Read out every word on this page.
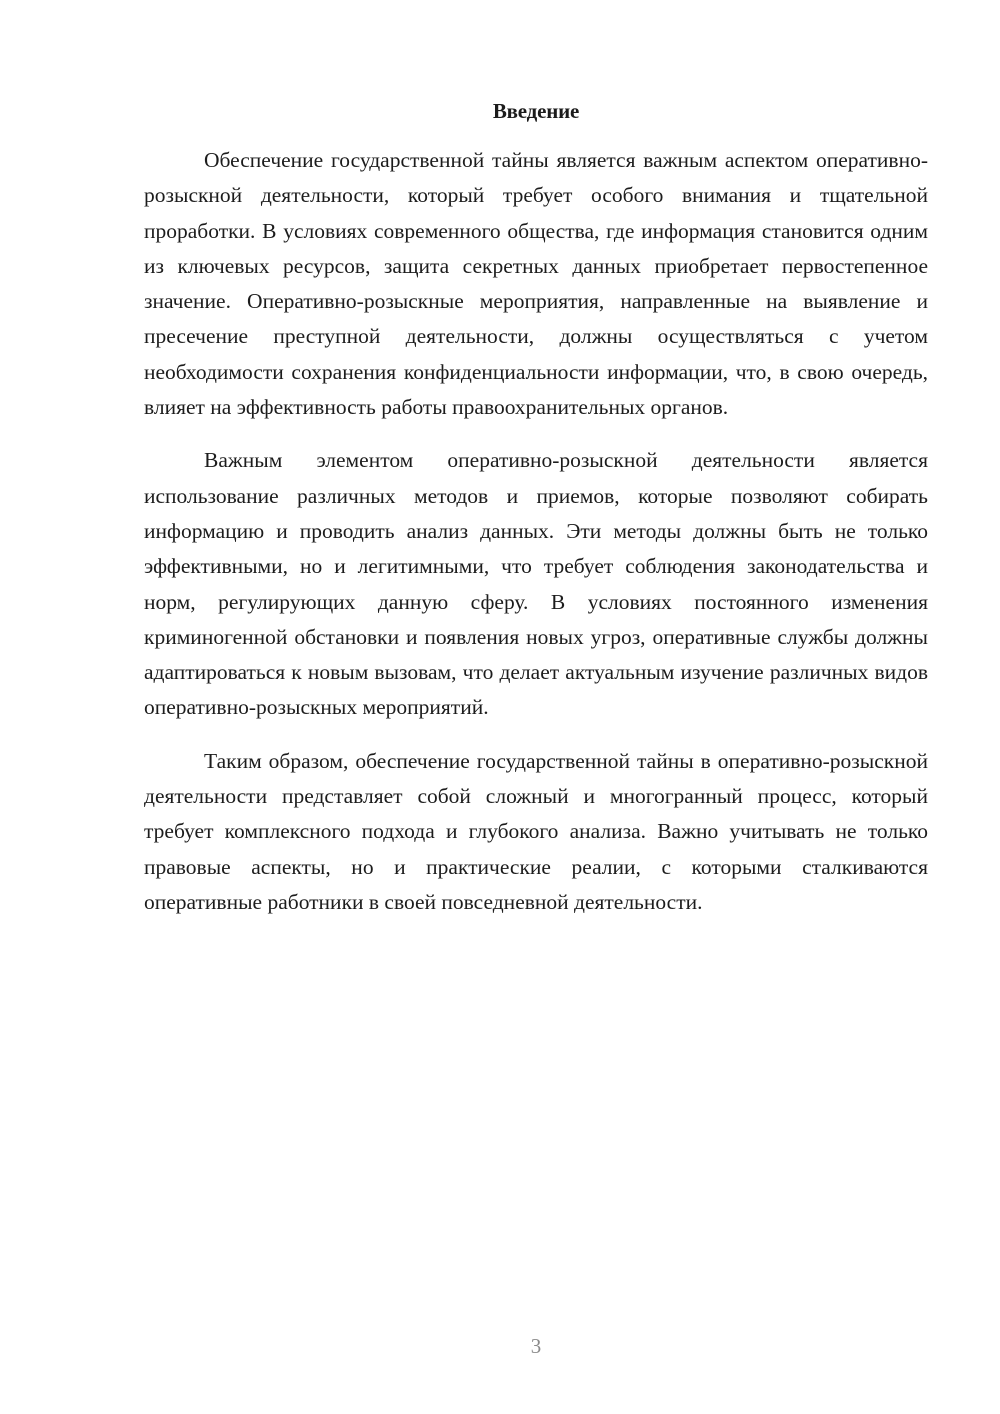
Введение

Обеспечение государственной тайны является важным аспектом оперативно-розыскной деятельности, который требует особого внимания и тщательной проработки. В условиях современного общества, где информация становится одним из ключевых ресурсов, защита секретных данных приобретает первостепенное значение. Оперативно-розыскные мероприятия, направленные на выявление и пресечение преступной деятельности, должны осуществляться с учетом необходимости сохранения конфиденциальности информации, что, в свою очередь, влияет на эффективность работы правоохранительных органов.

Важным элементом оперативно-розыскной деятельности является использование различных методов и приемов, которые позволяют собирать информацию и проводить анализ данных. Эти методы должны быть не только эффективными, но и легитимными, что требует соблюдения законодательства и норм, регулирующих данную сферу. В условиях постоянного изменения криминогенной обстановки и появления новых угроз, оперативные службы должны адаптироваться к новым вызовам, что делает актуальным изучение различных видов оперативно-розыскных мероприятий.

Таким образом, обеспечение государственной тайны в оперативно-розыскной деятельности представляет собой сложный и многогранный процесс, который требует комплексного подхода и глубокого анализа. Важно учитывать не только правовые аспекты, но и практические реалии, с которыми сталкиваются оперативные работники в своей повседневной деятельности.

3
